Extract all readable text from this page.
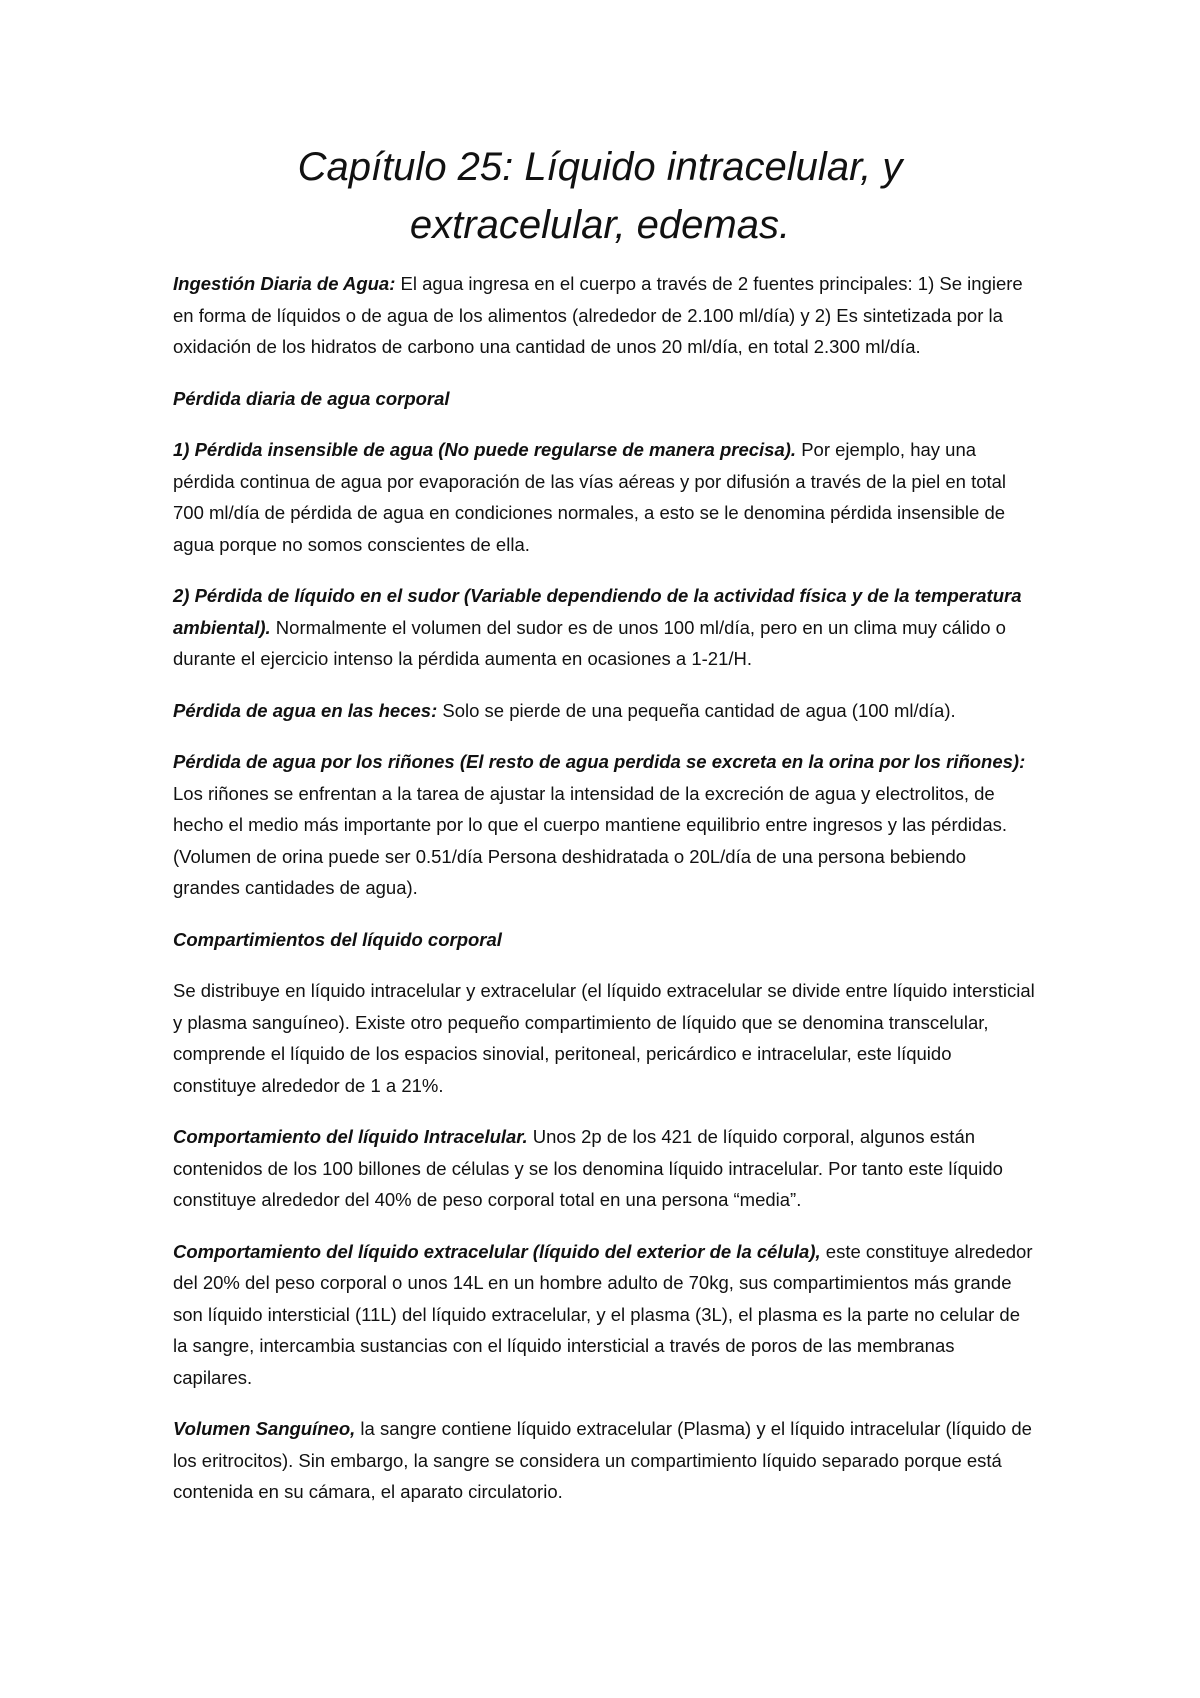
Capítulo 25: Líquido intracelular, y
extracelular, edemas.

Ingestión Diaria de Agua: El agua ingresa en el cuerpo a través de 2 fuentes principales: 1) Se ingiere en forma de líquidos o de agua de los alimentos (alrededor de 2.100 ml/día) y 2) Es sintetizada por la oxidación de los hidratos de carbono una cantidad de unos 20 ml/día, en total 2.300 ml/día.

Pérdida diaria de agua corporal

1) Pérdida insensible de agua (No puede regularse de manera precisa). Por ejemplo, hay una pérdida continua de agua por evaporación de las vías aéreas y por difusión a través de la piel en total 700 ml/día de pérdida de agua en condiciones normales, a esto se le denomina pérdida insensible de agua porque no somos conscientes de ella.

2) Pérdida de líquido en el sudor (Variable dependiendo de la actividad física y de la temperatura ambiental). Normalmente el volumen del sudor es de unos 100 ml/día, pero en un clima muy cálido o durante el ejercicio intenso la pérdida aumenta en ocasiones a 1-21/H.

Pérdida de agua en las heces: Solo se pierde de una pequeña cantidad de agua (100 ml/día).

Pérdida de agua por los riñones (El resto de agua perdida se excreta en la orina por los riñones): Los riñones se enfrentan a la tarea de ajustar la intensidad de la excreción de agua y electrolitos, de hecho el medio más importante por lo que el cuerpo mantiene equilibrio entre ingresos y las pérdidas. (Volumen de orina puede ser 0.51/día Persona deshidratada o 20L/día de una persona bebiendo grandes cantidades de agua).

Compartimientos del líquido corporal

Se distribuye en líquido intracelular y extracelular (el líquido extracelular se divide entre líquido intersticial y plasma sanguíneo). Existe otro pequeño compartimiento de líquido que se denomina transcelular, comprende el líquido de los espacios sinovial, peritoneal, pericárdico e intracelular, este líquido constituye alrededor de 1 a 21%.

Comportamiento del líquido Intracelular. Unos 2p de los 421 de líquido corporal, algunos están contenidos de los 100 billones de células y se los denomina líquido intracelular. Por tanto este líquido constituye alrededor del 40% de peso corporal total en una persona “media”.

Comportamiento del líquido extracelular (líquido del exterior de la célula), este constituye alrededor del 20% del peso corporal o unos 14L en un hombre adulto de 70kg, sus compartimientos más grande son líquido intersticial (11L) del líquido extracelular, y el plasma (3L), el plasma es la parte no celular de la sangre, intercambia sustancias con el líquido intersticial a través de poros de las membranas capilares.

Volumen Sanguíneo, la sangre contiene líquido extracelular (Plasma) y el líquido intracelular (líquido de los eritrocitos). Sin embargo, la sangre se considera un compartimiento líquido separado porque está contenida en su cámara, el aparato circulatorio.
